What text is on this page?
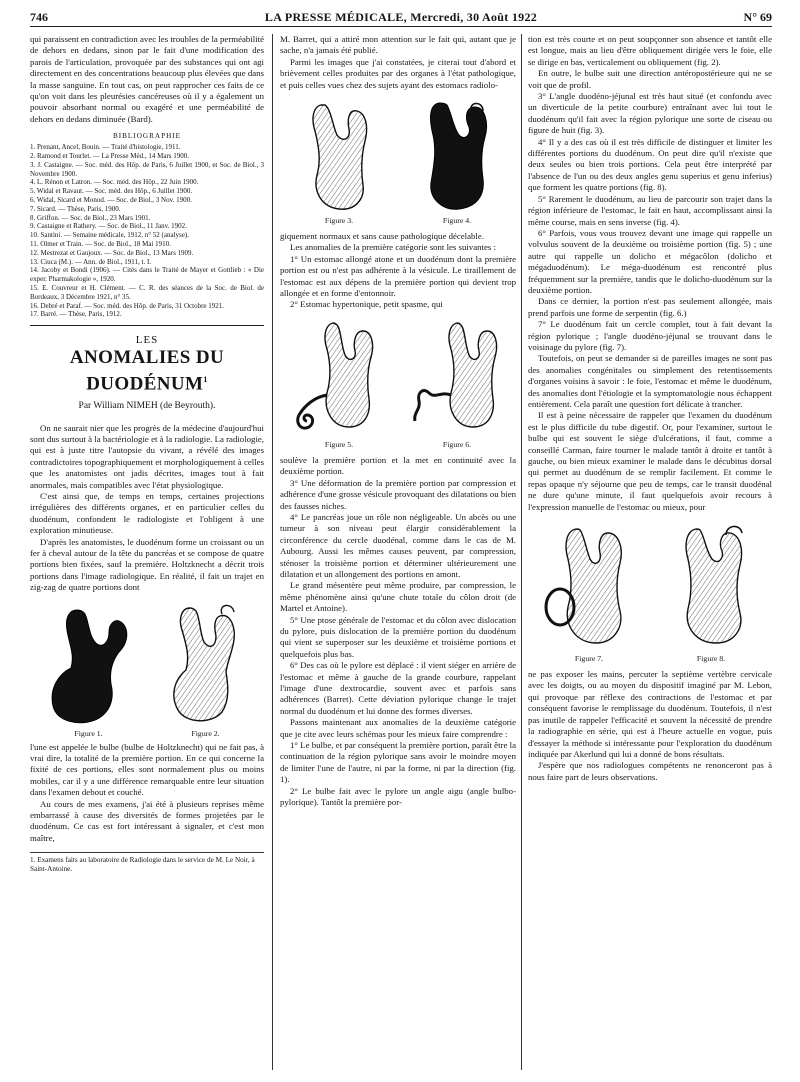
746	LA PRESSE MÉDICALE, Mercredi, 30 Août 1922	N° 69

qui paraissent en contradiction avec les troubles de la perméabilité de dehors en dedans, sinon par le fait d'une modification des parois de l'articulation, provoquée par des substances qui ont agi directement en des concentrations beaucoup plus élevées que dans la masse sanguine. En tout cas, on peut rapprocher ces faits de ce qu'on voit dans les pleurésies cancéreuses où il y a également un pouvoir absorbant normal ou exagéré et une perméabilité de dehors en dedans diminuée (Bard).

BIBLIOGRAPHIE
1. Prenant, Ancel, Bouin. — Traité d'histologie, 1911.
2. Ramond et Tourlet. — La Presse Méd., 14 Mars 1900.
3. J. Castaigne. — Soc. méd. des Hôp. de Paris, 6 Juillet 1900, et Soc. de Biol., 3 Novembre 1900.
4. L. Rénon et Latron. — Soc. méd. des Hôp., 22 Juin 1900.
5. Widal et Ravaut. — Soc. méd. des Hôp., 6 Juillet 1900.
6. Widal, Sicard et Monod. — Soc. de Biol., 3 Nov. 1900.
7. Sicard. — Thèse, Paris, 1900.
8. Griffon. — Soc. de Biol., 23 Mars 1901.
9. Castaigne et Rathery. — Soc. de Biol., 11 Janv. 1902.
10. Santini. — Semaine médicale, 1912, n° 52 (analyse).
11. Olmer et Train. — Soc. de Biol., 18 Mai 1910.
12. Mestrezat et Gaujoux. — Soc. de Biol., 13 Mars 1909.
13. Ciuca (M.). — Ann. de Biol., 1911, t. I.
14. Jacoby et Bondi (1906). — Cités dans le Traité de Mayer et Gottlieb : « Die exper. Pharmakologie », 1920.
15. E. Couvreur et H. Clément. — C. R. des séances de la Soc. de Biol. de Bordeaux, 3 Décembre 1921, n° 35.
16. Debré et Paraf. — Soc. méd. des Hôp. de Paris, 31 Octobre 1921.
17. Barré. — Thèse, Paris, 1912.
LES
ANOMALIES DU DUODÉNUM$^1$
Par William NIMEH (de Beyrouth).

On ne saurait nier que les progrès de la médecine d'aujourd'hui sont dus surtout à la bactériologie et à la radiologie. La radiologie, qui est à juste titre l'autopsie du vivant, a révélé des images contradictoires topographiquement et morphologiquement à celles que les anatomistes ont jadis décrites, images tout à fait anormales, mais compatibles avec l'état physiologique.

C'est ainsi que, de temps en temps, certaines projections irrégulières des différents organes, et en particulier celles du duodénum, confondent le radiologiste et l'obligent à une exploration minutieuse.

D'après les anatomistes, le duodénum forme un croissant ou un fer à cheval autour de la tête du pancréas et se compose de quatre portions bien fixées, sauf la première. Holtzknecht a décrit trois portions dans l'image radiologique. En réalité, il fait un trajet en zig-zag de quatre portions dont

Figure 1.	Figure 2.

l'une est appelée le bulbe (bulbe de Holtzknecht) qui ne fait pas, à vrai dire, la totalité de la première portion. En ce qui concerne la fixité de ces portions, elles sont normalement plus ou moins mobiles, car il y a une différence remarquable entre leur situation dans l'examen debout et couché.

Au cours de mes examens, j'ai été à plusieurs reprises même embarrassé à cause des diversités de formes projetées par le duodénum. Ce cas est fort intéressant à signaler, et c'est mon maître,

1. Examens faits au laboratoire de Radiologie dans le service de M. Le Noir, à Saint-Antoine.

M. Barret, qui a attiré mon attention sur le fait qui, autant que je sache, n'a jamais été publié.

Parmi les images que j'ai constatées, je citerai tout d'abord et brièvement celles produites par des organes à l'état pathologique, et puis celles vues chez des sujets ayant des estomacs radiolo-

Figure 3.	Figure 4.

giquement normaux et sans cause pathologique décelable.

Les anomalies de la première catégorie sont les suivantes :

1° Un estomac allongé atone et un duodénum dont la première portion est ou n'est pas adhérente à la vésicule. Le tiraillement de l'estomac est aux dépens de la première portion qui devient trop allongée et en forme d'entonnoir.

2° Estomac hypertonique, petit spasme, qui

Figure 5.	Figure 6.

soulève la première portion et la met en continuité avec la deuxième portion.

3° Une déformation de la première portion par compression et adhérence d'une grosse vésicule provoquant des dilatations ou bien des fausses niches.

4° Le pancréas joue un rôle non négligeable. Un abcès ou une tumeur à son niveau peut élargir considérablement la circonférence du cercle duodénal, comme dans le cas de M. Aubourg. Aussi les mêmes causes peuvent, par compression, sténoser la troisième portion et déterminer ultérieurement une dilatation et un allongement des portions en amont.

Le grand mésentère peut même produire, par compression, le même phénomène ainsi qu'une chute totale du côlon droit (de Martel et Antoine).

5° Une ptose générale de l'estomac et du côlon avec dislocation du pylore, puis dislocation de la première portion du duodénum qui vient se superposer sur les deuxième et troisième portions et quelquefois plus bas.

6° Des cas où le pylore est déplacé : il vient siéger en arrière de l'estomac et même à gauche de la grande courbure, rappelant l'image d'une dextrocardie, souvent avec et parfois sans adhérences (Barret). Cette déviation pylorique change le trajet normal du duodénum et lui donne des formes diverses.

Passons maintenant aux anomalies de la deuxième catégorie que je cite avec leurs schémas pour les mieux faire comprendre :

1° Le bulbe, et par conséquent la première portion, paraît être la continuation de la région pylorique sans avoir le moindre moyen de limiter l'une de l'autre, ni par la forme, ni par la direction (fig. 1).

2° Le bulbe fait avec le pylore un angle aigu (angle bulbo-pylorique). Tantôt la première por-

tion est très courte et on peut soupçonner son absence et tantôt elle est longue, mais au lieu d'être obliquement dirigée vers le foie, elle se dirige en bas, verticalement ou obliquement (fig. 2).

En outre, le bulbe suit une direction antéropostérieure qui ne se voit que de profil.

3° L'angle duodéno-jéjunal est très haut situé (et confondu avec un diverticule de la petite courbure) entraînant avec lui tout le duodénum qu'il fait avec la région pylorique une sorte de ciseau ou figure de huit (fig. 3).

4° Il y a des cas où il est très difficile de distinguer et limiter les différentes portions du duodénum. On peut dire qu'il n'existe que deux seules ou bien trois portions. Cela peut être interprété par l'absence de l'un ou des deux angles genu superius et genu inferius) que forment les quatre portions (fig. 8).

5° Rarement le duodénum, au lieu de parcourir son trajet dans la région inférieure de l'estomac, le fait en haut, accomplissant ainsi la même course, mais en sens inverse (fig. 4).

6° Parfois, vous vous trouvez devant une image qui rappelle un volvulus souvent de la deuxième ou troisième portion (fig. 5) ; une autre qui rappelle un dolicho et mégacôlon (dolicho et mégaduodénum). Le méga-duodénum est rencontré plus fréquemment sur la première, tandis que le dolicho-duodénum sur la deuxième portion.

Dans ce dernier, la portion n'est pas seulement allongée, mais prend parfois une forme de serpentin (fig. 6.)

7° Le duodénum fait un cercle complet, tout à fait devant la région pylorique ; l'angle duodéno-jéjunal se trouvant dans le voisinage du pylore (fig. 7).

Toutefois, on peut se demander si de pareilles images ne sont pas des anomalies congénitales ou simplement des retentissements d'organes voisins à savoir : le foie, l'estomac et même le duodénum, des anomalies dont l'étiologie et la symptomatologie nous échappent entièrement. Cela paraît une question fort délicate à trancher.

Il est à peine nécessaire de rappeler que l'examen du duodénum est le plus difficile du tube digestif. Or, pour l'examiner, surtout le bulbe qui est souvent le siège d'ulcérations, il faut, comme a conseillé Carman, faire tourner le malade tantôt à droite et tantôt à gauche, ou bien mieux examiner le malade dans le décubitus dorsal qui permet au duodénum de se remplir facilement. Et comme le repas opaque n'y séjourne que peu de temps, car le transit duodénal ne dure qu'une minute, il faut quelquefois avoir recours à l'expression manuelle de l'estomac ou mieux, pour

Figure 7.	Figure 8.

ne pas exposer les mains, percuter la septième vertèbre cervicale avec les doigts, ou au moyen du dispositif imaginé par M. Lebon, qui provoque par réflexe des contractions de l'estomac et par conséquent favorise le remplissage du duodénum. Toutefois, il n'est pas inutile de rappeler l'efficacité et souvent la nécessité de prendre la radiographie en série, qui est à l'heure actuelle en vogue, puis d'essayer la méthode si intéressante pour l'exploration du duodénum indiquée par Akerlund qui lui a donné de bons résultats.

J'espère que nos radiologues compétents ne renonceront pas à nous faire part de leurs observations.
